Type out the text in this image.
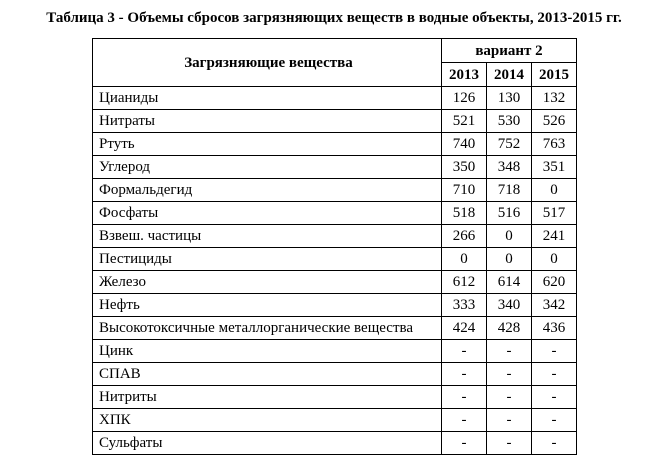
Таблица 3 - Объемы сбросов загрязняющих веществ в водные объекты, 2013-2015 гг.
Загрязняющие вещества	вариант 2		
	2013	2014	2015
Цианиды	126	130	132
Нитраты	521	530	526
Ртуть	740	752	763
Углерод	350	348	351
Формальдегид	710	718	0
Фосфаты	518	516	517
Взвеш. частицы	266	0	241
Пестициды	0	0	0
Железо	612	614	620
Нефть	333	340	342
Высокотоксичные металлорганические вещества	424	428	436
Цинк	-	-	-
СПАВ	-	-	-
Нитриты	-	-	-
ХПК	-	-	-
Сульфаты	-	-	-
